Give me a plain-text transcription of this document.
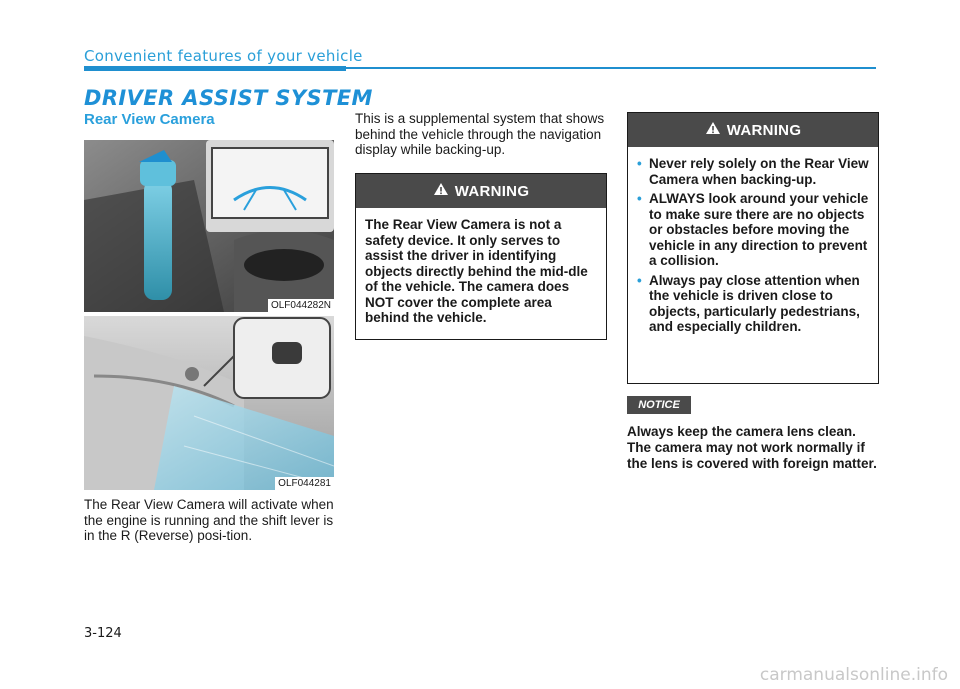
Convenient features of your vehicle
DRIVER ASSIST SYSTEM
Rear View Camera
OLF044282N
OLF044281
The Rear View Camera will activate when the engine is running and the shift lever is in the R (Reverse) posi-tion.
This is a supplemental system that shows behind the vehicle through the navigation display while backing-up.
WARNING
The Rear View Camera is not a safety device. It only serves to assist the driver in identifying objects directly behind the mid-dle of the vehicle. The camera does NOT cover the complete area behind the vehicle.
WARNING
• Never rely solely on the Rear View Camera when backing-up.
• ALWAYS look around your vehicle to make sure there are no objects or obstacles before moving the vehicle in any direction to prevent a collision.
• Always pay close attention when the vehicle is driven close to objects, particularly pedestrians, and especially children.
NOTICE
Always keep the camera lens clean. The camera may not work normally if the lens is covered with foreign matter.
3-124
carmanualsonline.info
